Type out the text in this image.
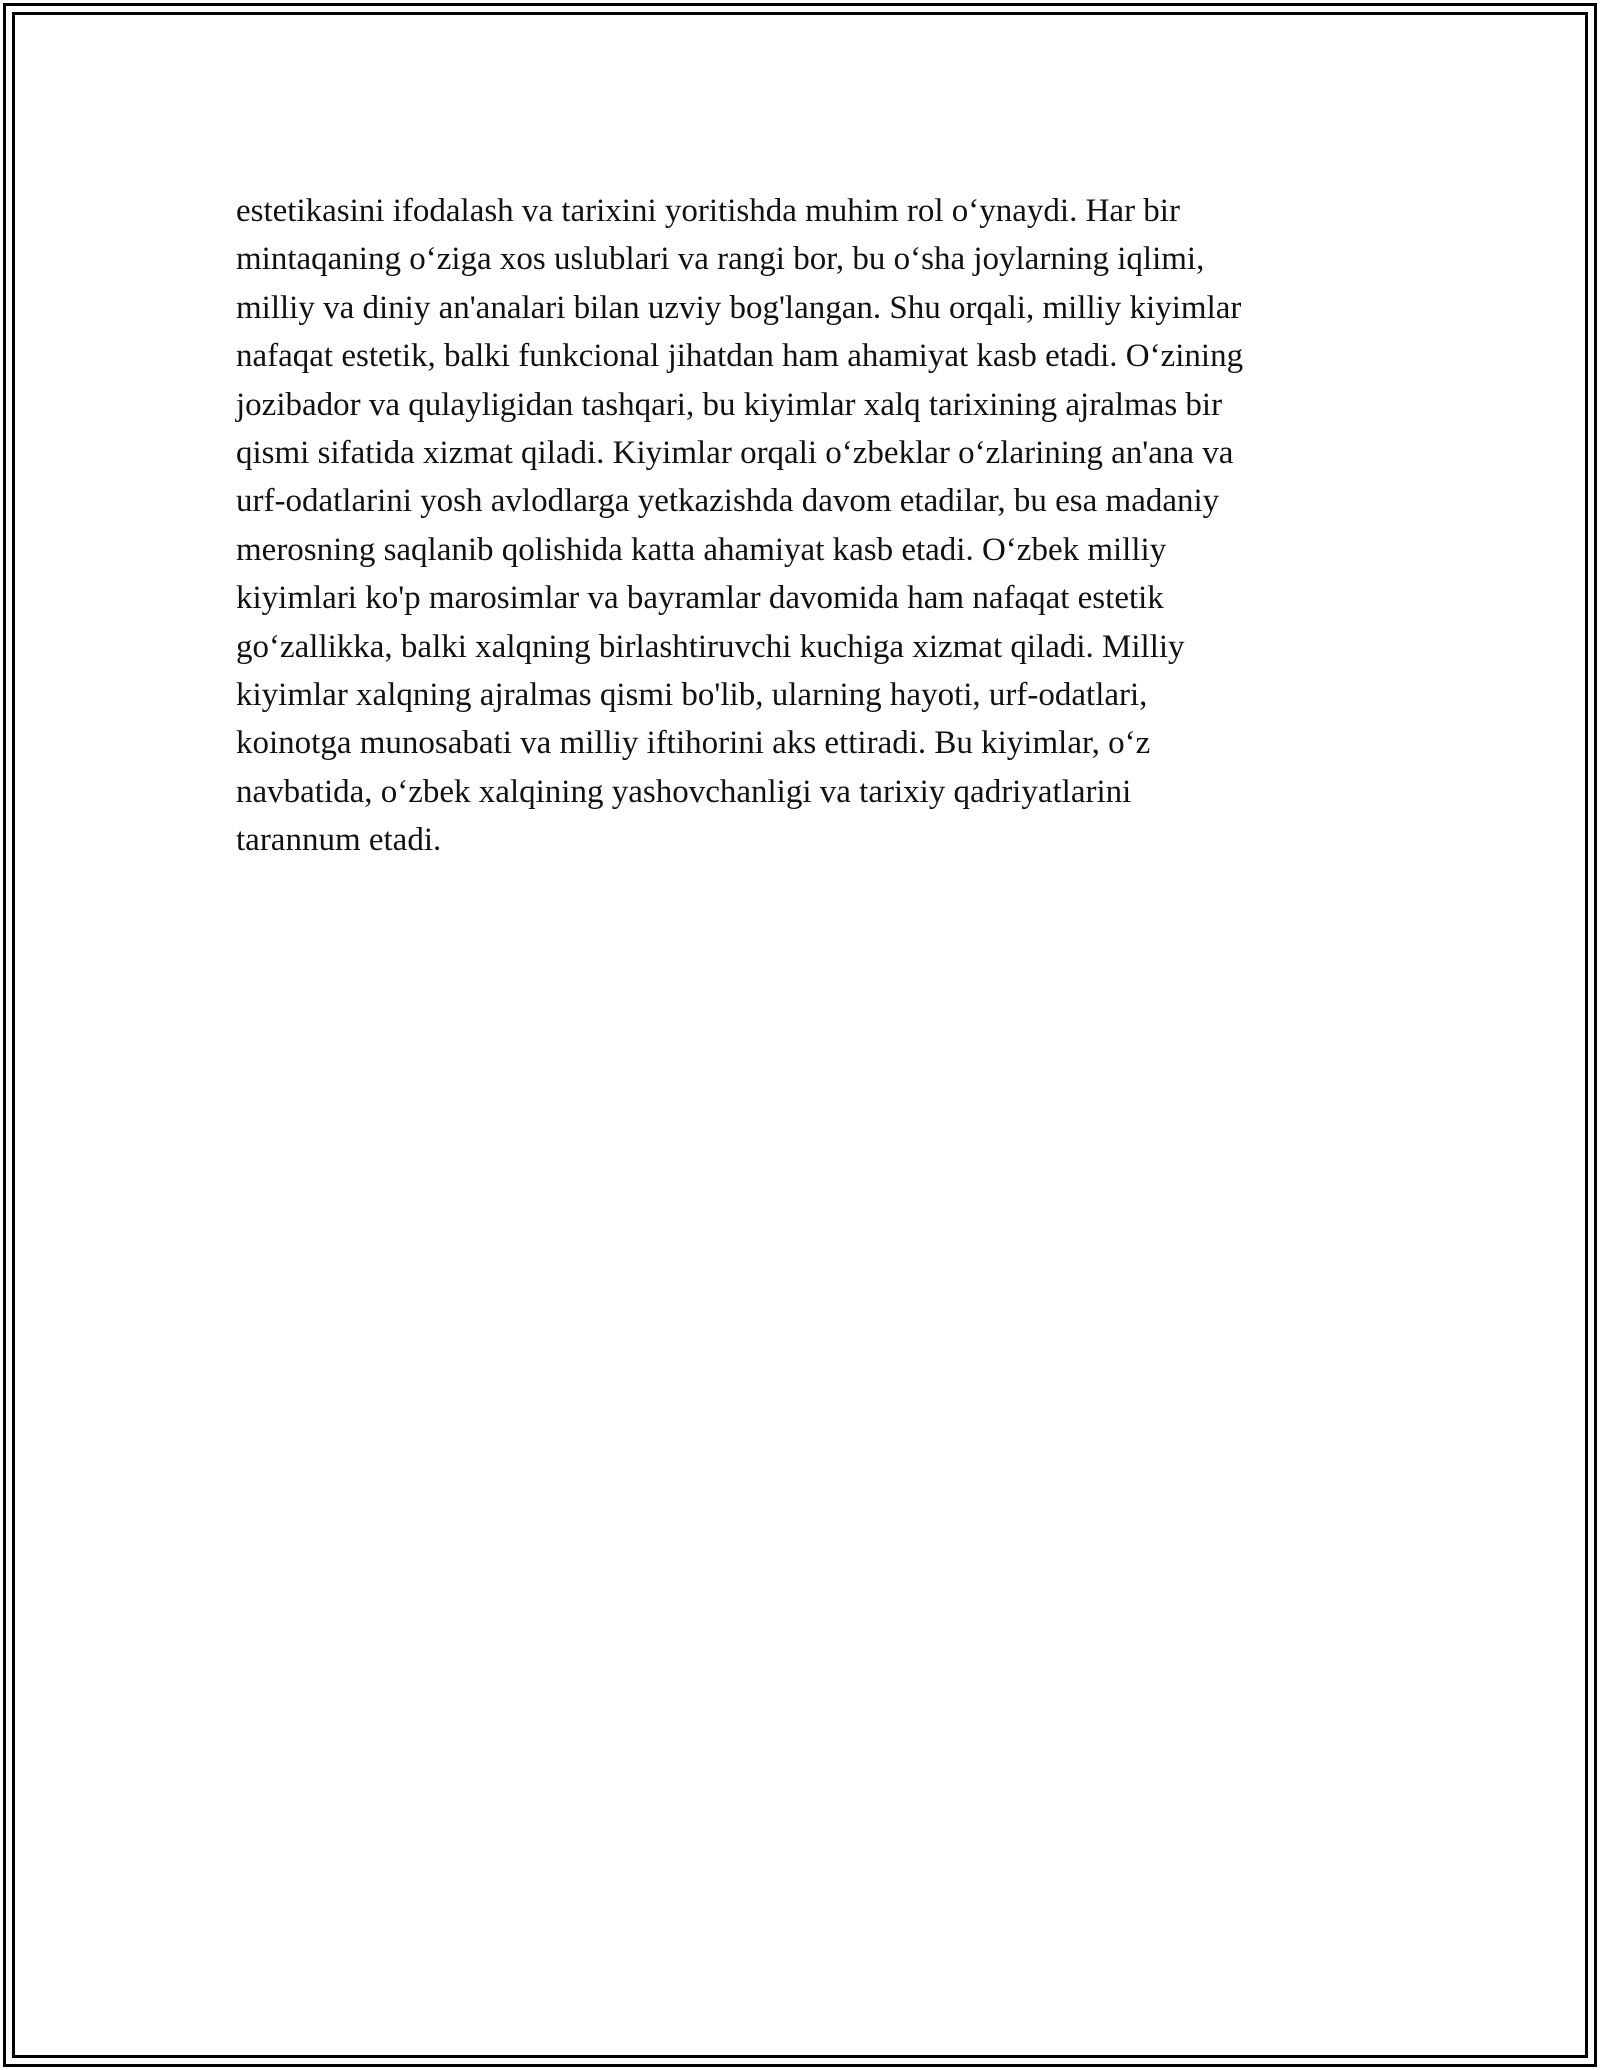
estetikasini ifodalash va tarixini yoritishda muhim rol o‘ynaydi. Har bir
mintaqaning o‘ziga xos uslublari va rangi bor, bu o‘sha joylarning iqlimi,
milliy va diniy an'analari bilan uzviy bog'langan. Shu orqali, milliy kiyimlar
nafaqat estetik, balki funkcional jihatdan ham ahamiyat kasb etadi. O‘zining
jozibador va qulayligidan tashqari, bu kiyimlar xalq tarixining ajralmas bir
qismi sifatida xizmat qiladi. Kiyimlar orqali o‘zbeklar o‘zlarining an'ana va
urf-odatlarini yosh avlodlarga yetkazishda davom etadilar, bu esa madaniy
merosning saqlanib qolishida katta ahamiyat kasb etadi. O‘zbek milliy
kiyimlari ko'p marosimlar va bayramlar davomida ham nafaqat estetik
go‘zallikka, balki xalqning birlashtiruvchi kuchiga xizmat qiladi. Milliy
kiyimlar xalqning ajralmas qismi bo'lib, ularning hayoti, urf-odatlari,
koinotga munosabati va milliy iftihorini aks ettiradi. Bu kiyimlar, o‘z
navbatida, o‘zbek xalqining yashovchanligi va tarixiy qadriyatlarini
tarannum etadi.
